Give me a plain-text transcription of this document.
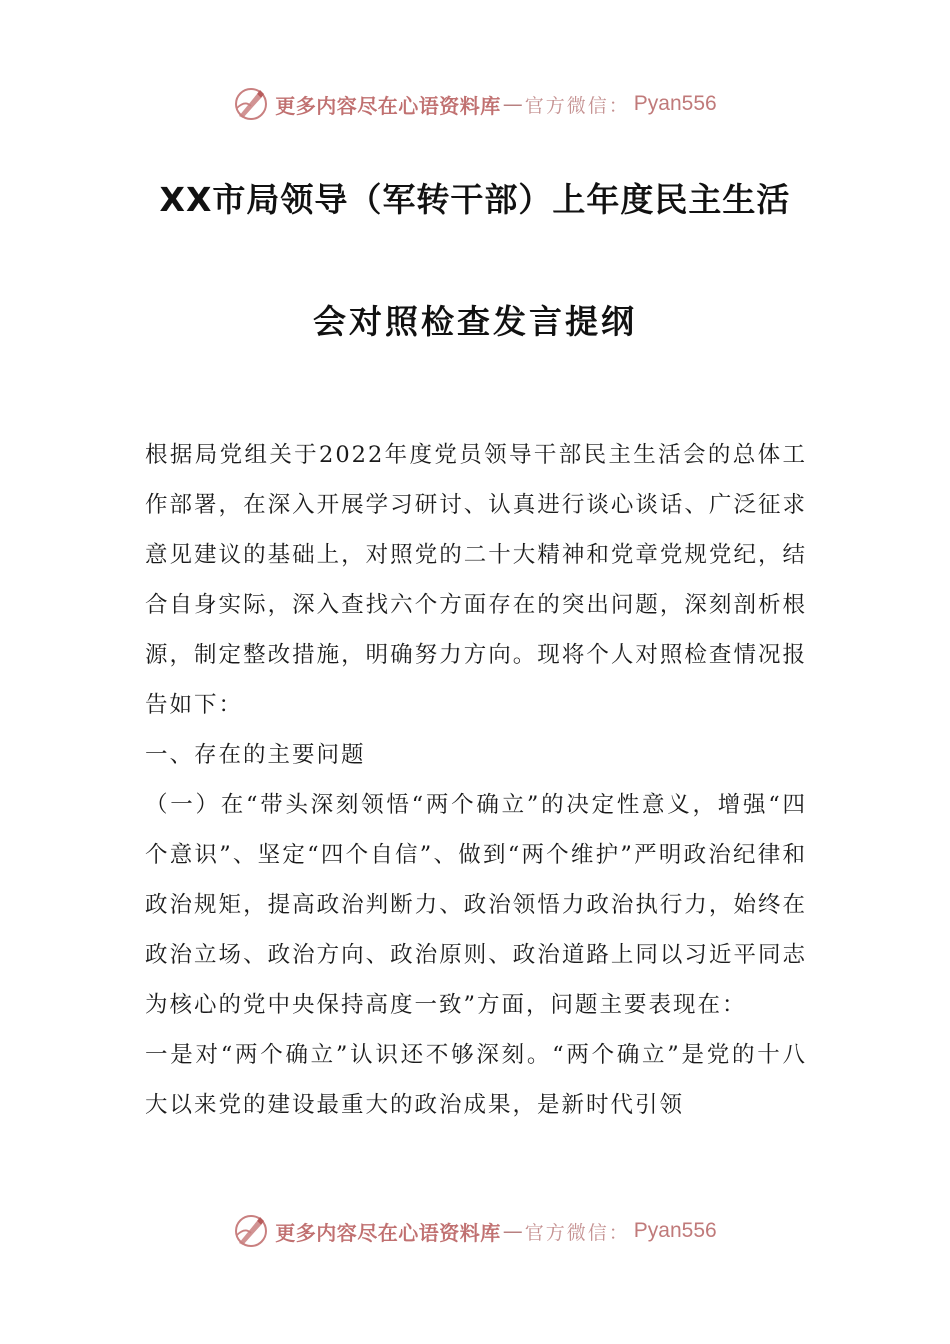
更多内容尽在心语资料库 — 官方微信： Pyan556
XX市局领导（军转干部）上年度民主生活
会对照检查发言提纲

根据局党组关于2022年度党员领导干部民主生活会的总体工作部署，在深入开展学习研讨、认真进行谈心谈话、广泛征求意见建议的基础上，对照党的二十大精神和党章党规党纪，结合自身实际，深入查找六个方面存在的突出问题，深刻剖析根源，制定整改措施，明确努力方向。现将个人对照检查情况报告如下：

一、存在的主要问题

（一）在“带头深刻领悟“两个确立”的决定性意义，增强“四个意识”、坚定“四个自信”、做到“两个维护”严明政治纪律和政治规矩，提高政治判断力、政治领悟力政治执行力，始终在政治立场、政治方向、政治原则、政治道路上同以习近平同志为核心的党中央保持高度一致”方面，问题主要表现在：

一是对“两个确立”认识还不够深刻。“两个确立”是党的十八大以来党的建设最重大的政治成果，是新时代引领

更多内容尽在心语资料库 — 官方微信： Pyan556
